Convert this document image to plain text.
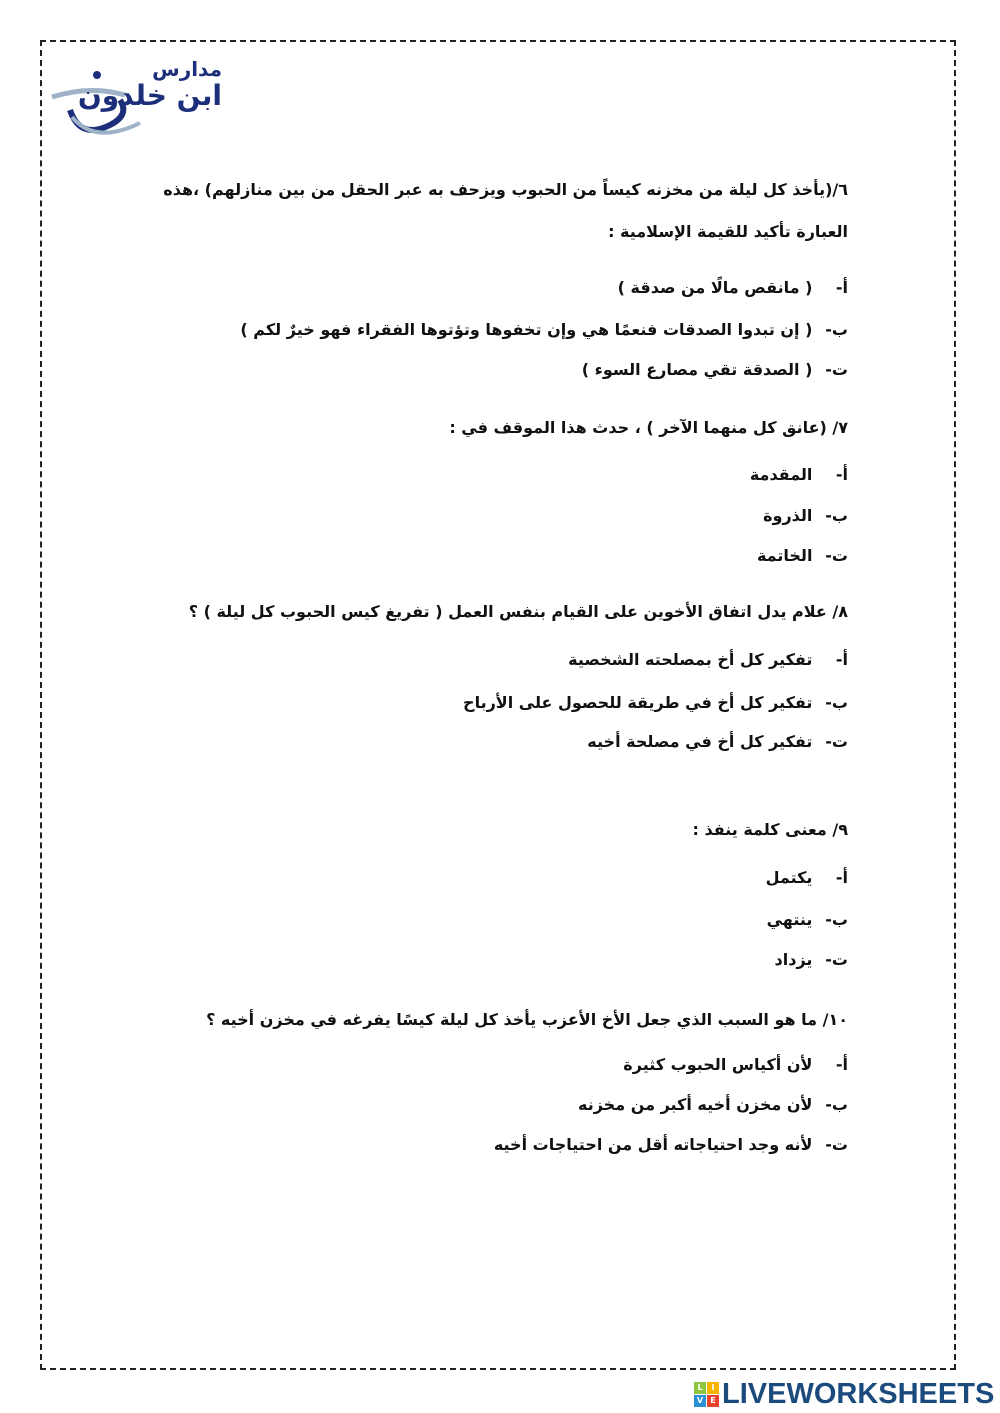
مدارس
ابن خلدون
٦/(يأخذ كل ليلة من مخزنه كيساً من الحبوب ويزحف به عبر الحقل من بين منازلهم) ،هذه
العبارة تأكيد للقيمة الإسلامية :
أ- ( مانقص مالًا من صدقة )
ب- ( إن تبدوا الصدقات فنعمًا هي وإن تخفوها وتؤتوها الفقراء فهو خيرٌ لكم )
ت- ( الصدقة تقي مصارع السوء )
٧/ (عانق كل منهما الآخر ) ، حدث هذا الموقف في :
أ- المقدمة
ب- الذروة
ت- الخاتمة
٨/ علام يدل اتفاق الأخوين على القيام بنفس العمل ( تفريغ كيس الحبوب كل ليلة ) ؟
أ- تفكير كل أخ بمصلحته الشخصية
ب- تفكير كل أخ في طريقة للحصول على الأرباح
ت- تفكير كل أخ في مصلحة أخيه
٩/ معنى كلمة ينفذ :
أ- يكتمل
ب- ينتهي
ت- يزداد
١٠/ ما هو السبب الذي جعل الأخ الأعزب يأخذ كل ليلة كيسًا يفرغه في مخزن أخيه ؟
أ- لأن أكياس الحبوب كثيرة
ب- لأن مخزن أخيه أكبر من مخزنه
ت- لأنه وجد احتياجاته أقل من احتياجات أخيه
L	I
V E LIVEWORKSHEETS
